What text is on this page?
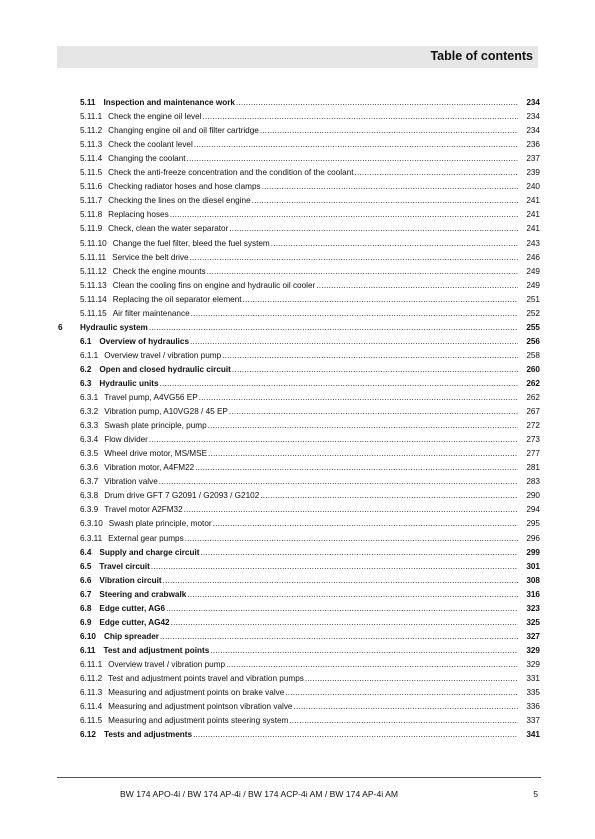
Table of contents
5.11 Inspection and maintenance work .....	234
5.11.1 Check the engine oil level .....	234
5.11.2 Changing engine oil and oil filter cartridge .....	234
5.11.3 Check the coolant level .....	236
5.11.4 Changing the coolant .....	237
5.11.5 Check the anti-freeze concentration and the condition of the coolant .....	239
5.11.6 Checking radiator hoses and hose clamps .....	240
5.11.7 Checking the lines on the diesel engine .....	241
5.11.8 Replacing hoses .....	241
5.11.9 Check, clean the water separator .....	241
5.11.10 Change the fuel filter, bleed the fuel system .....	243
5.11.11 Service the belt drive .....	246
5.11.12 Check the engine mounts .....	249
5.11.13 Clean the cooling fins on engine and hydraulic oil cooler .....	249
5.11.14 Replacing the oil separator element .....	251
5.11.15 Air filter maintenance .....	252
6 Hydraulic system .....	255
6.1 Overview of hydraulics .....	256
6.1.1 Overview travel / vibration pump .....	258
6.2 Open and closed hydraulic circuit .....	260
6.3 Hydraulic units .....	262
6.3.1 Travel pump, A4VG56 EP .....	262
6.3.2 Vibration pump, A10VG28 / 45 EP .....	267
6.3.3 Swash plate principle, pump .....	272
6.3.4 Flow divider .....	273
6.3.5 Wheel drive motor, MS/MSE .....	277
6.3.6 Vibration motor, A4FM22 .....	281
6.3.7 Vibration valve .....	283
6.3.8 Drum drive GFT 7 G2091 / G2093 / G2102 .....	290
6.3.9 Travel motor A2FM32 .....	294
6.3.10 Swash plate principle, motor .....	295
6.3.11 External gear pumps .....	296
6.4 Supply and charge circuit .....	299
6.5 Travel circuit .....	301
6.6 Vibration circuit .....	308
6.7 Steering and crabwalk .....	316
6.8 Edge cutter, AG6 .....	323
6.9 Edge cutter, AG42 .....	325
6.10 Chip spreader .....	327
6.11 Test and adjustment points .....	329
6.11.1 Overview travel / vibration pump .....	329
6.11.2 Test and adjustment points travel and vibration pumps .....	331
6.11.3 Measuring and adjustment points on brake valve .....	335
6.11.4 Measuring and adjustment pointson vibration valve .....	336
6.11.5 Measuring and adjustment points steering system .....	337
6.12 Tests and adjustments .....	341
BW 174 APO-4i / BW 174 AP-4i / BW 174 ACP-4i AM / BW 174 AP-4i AM	5
